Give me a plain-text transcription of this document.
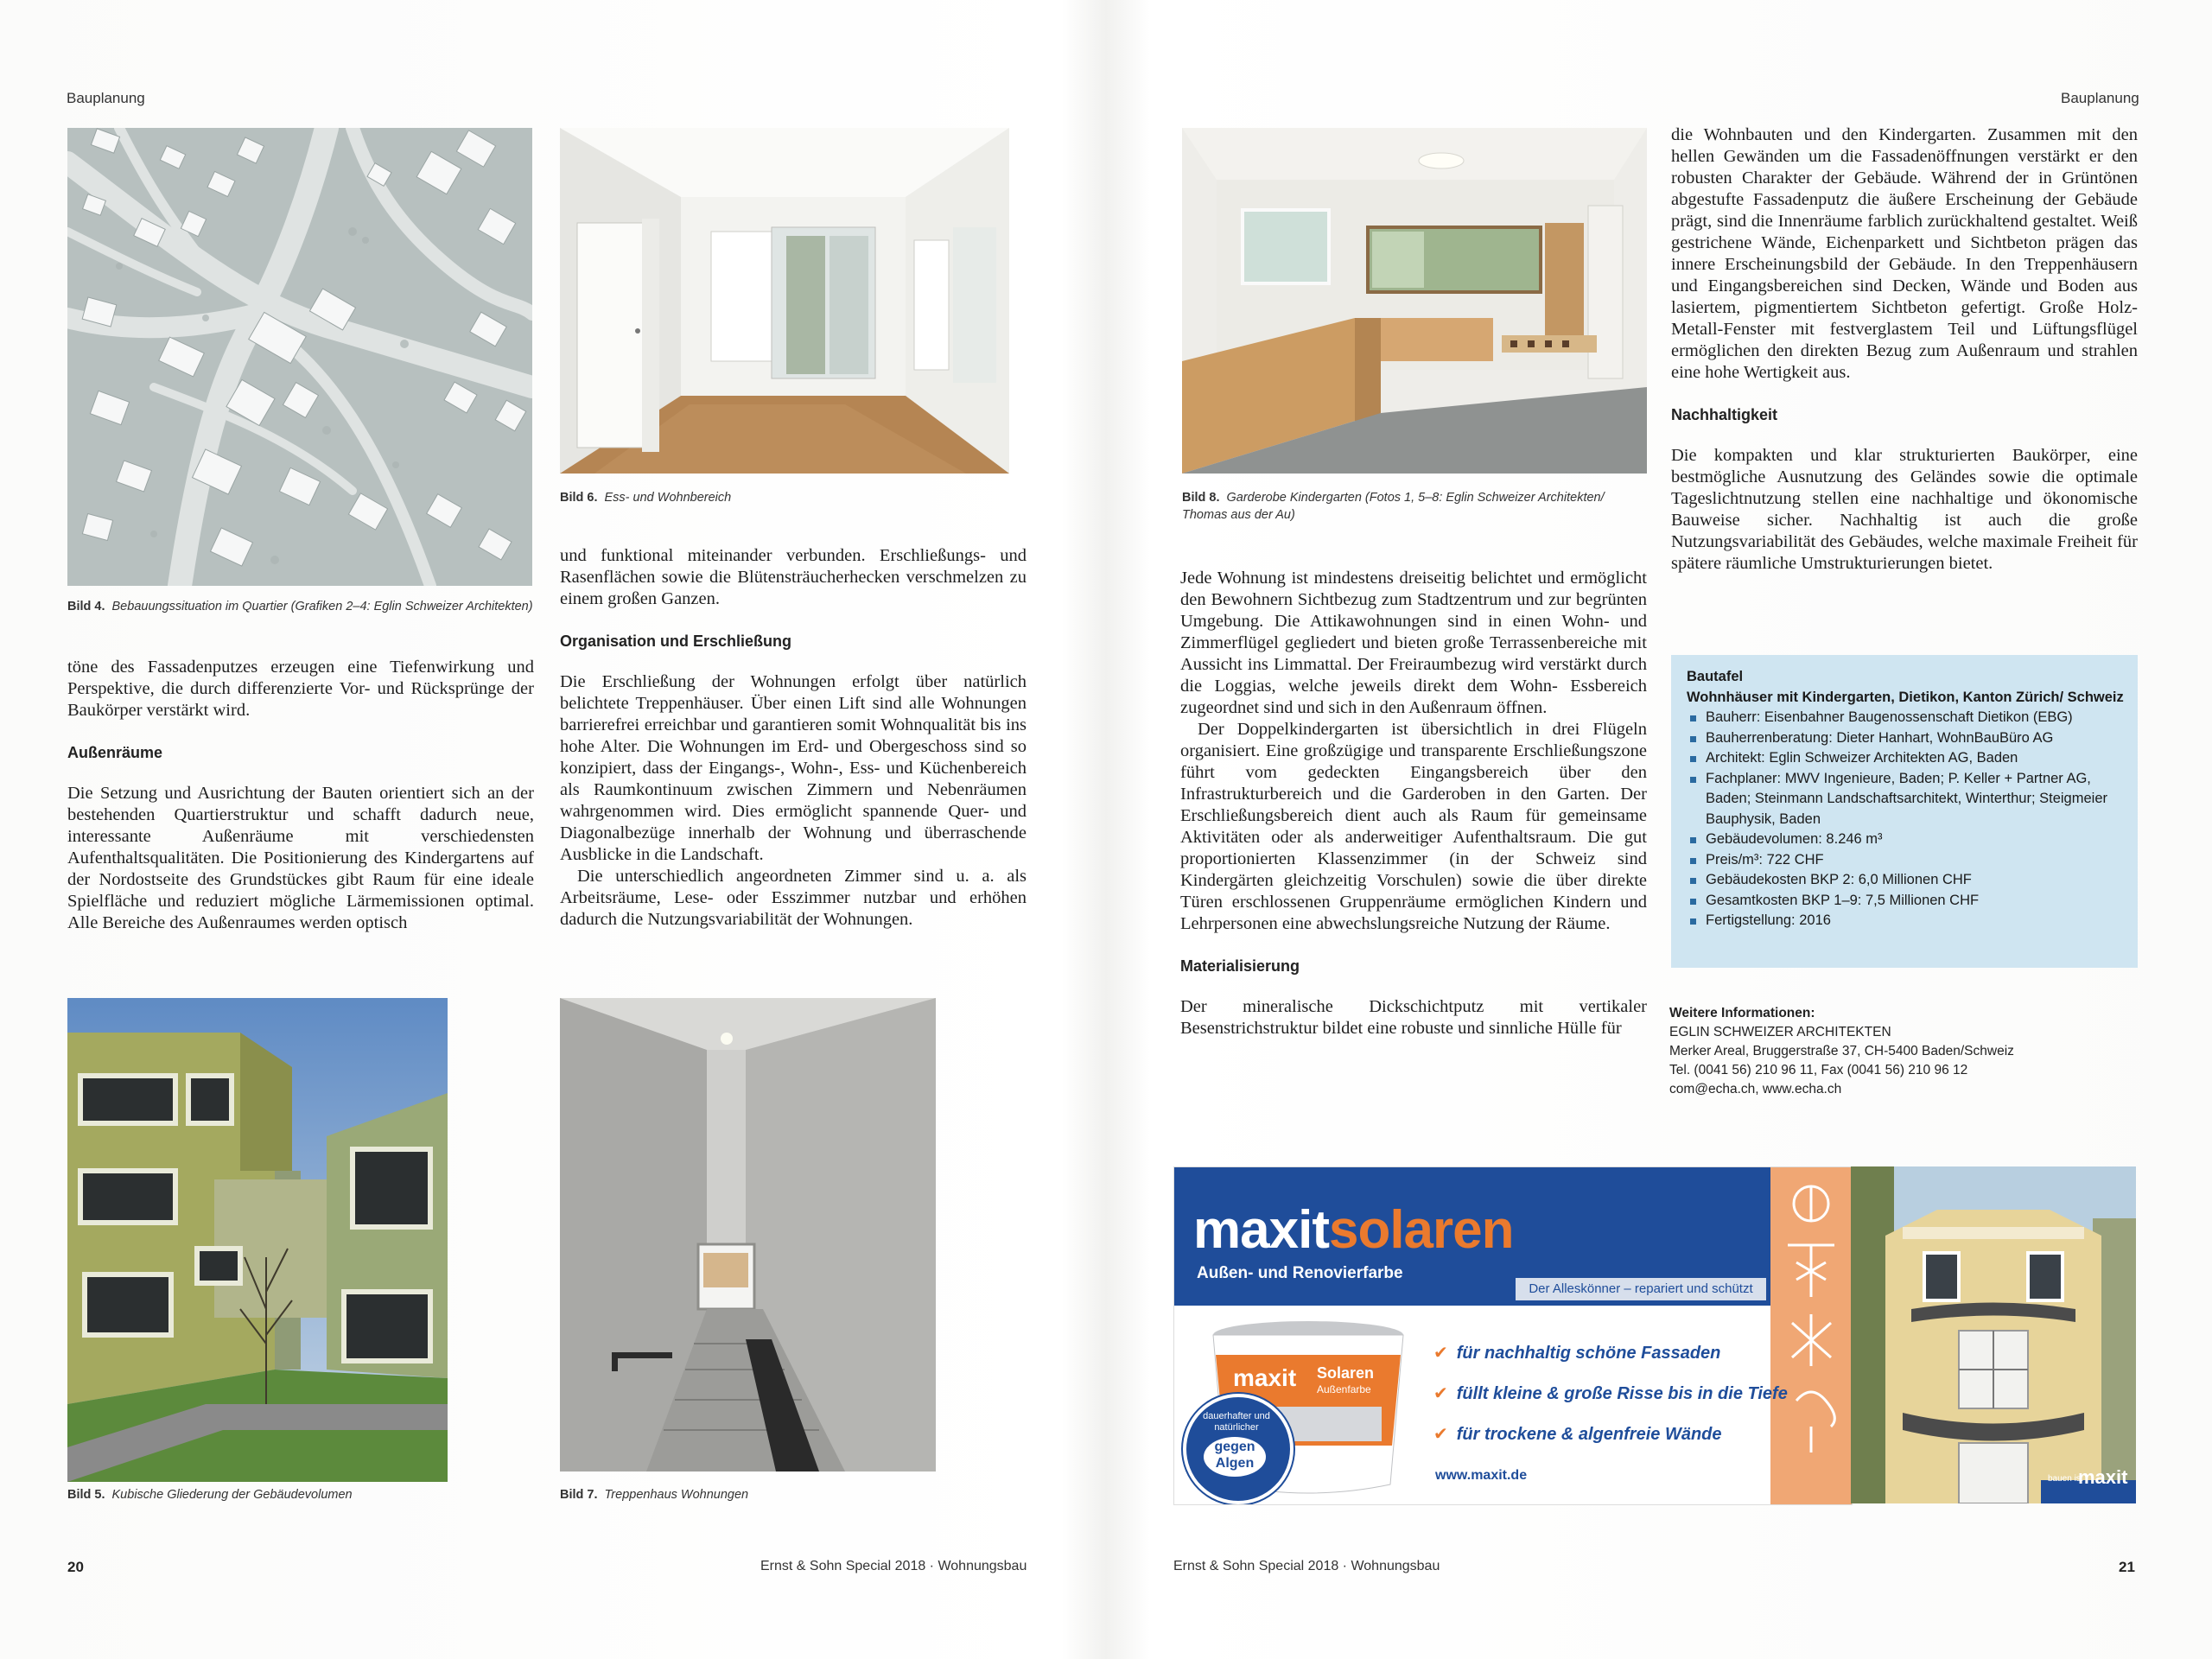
Bauplanung	Bauplanung
Bild 4. Bebauungssituation im Quartier (Grafiken 2–4: Eglin Schweizer Architekten)
Bild 6. Ess- und Wohnbereich

töne des Fassadenputzes erzeugen eine Tiefenwirkung und Perspektive, die durch differenzierte Vor- und Rücksprünge der Baukörper verstärkt wird.

Außenräume

Die Setzung und Ausrichtung der Bauten orientiert sich an der bestehenden Quartierstruktur und schafft dadurch neue, interessante Außenräume mit verschiedensten Aufenthaltsqualitäten. Die Positionierung des Kindergartens auf der Nordostseite des Grundstückes gibt Raum für eine ideale Spielfläche und reduziert mögliche Lärmemissionen optimal. Alle Bereiche des Außenraumes werden optisch

und funktional miteinander verbunden. Erschließungs- und Rasenflächen sowie die Blütensträucherhecken verschmelzen zu einem großen Ganzen.

Organisation und Erschließung

Die Erschließung der Wohnungen erfolgt über natürlich belichtete Treppenhäuser. Über einen Lift sind alle Wohnungen barrierefrei erreichbar und garantieren somit Wohnqualität bis ins hohe Alter. Die Wohnungen im Erd- und Obergeschoss sind so konzipiert, dass der Eingangs-, Wohn-, Ess- und Küchenbereich als Raumkontinuum zwischen Zimmern und Nebenräumen wahrgenommen wird. Dies ermöglicht spannende Quer- und Diagonalbezüge innerhalb der Wohnung und überraschende Ausblicke in die Landschaft.

Die unterschiedlich angeordneten Zimmer sind u. a. als Arbeitsräume, Lese- oder Esszimmer nutzbar und erhöhen dadurch die Nutzungsvariabilität der Wohnungen.

Bild 5. Kubische Gliederung der Gebäudevolumen	Bild 7. Treppenhaus Wohnungen
20	Ernst & Sohn Special 2018 · Wohnungsbau
Bild 8. Garderobe Kindergarten (Fotos 1, 5–8: Eglin Schweizer Architekten/
Thomas aus der Au)

Jede Wohnung ist mindestens dreiseitig belichtet und ermöglicht den Bewohnern Sichtbezug zum Stadtzentrum und zur begrünten Umgebung. Die Attikawohnungen sind in einen Wohn- und Zimmerflügel gegliedert und bieten große Terrassenbereiche mit Aussicht ins Limmattal. Der Freiraumbezug wird verstärkt durch die Loggias, welche jeweils direkt dem Wohn- Essbereich zugeordnet sind und sich in den Außenraum öffnen.

Der Doppelkindergarten ist übersichtlich in drei Flügeln organisiert. Eine großzügige und transparente Erschließungszone führt vom gedeckten Eingangsbereich über den Infrastrukturbereich und die Garderoben in den Garten. Der Erschließungsbereich dient auch als Raum für gemeinsame Aktivitäten oder als anderweitiger Aufenthaltsraum. Die gut proportionierten Klassenzimmer (in der Schweiz sind Kindergärten gleichzeitig Vorschulen) sowie die über direkte Türen erschlossenen Gruppenräume ermöglichen Kindern und Lehrpersonen eine abwechslungsreiche Nutzung der Räume.

Materialisierung

Der mineralische Dickschichtputz mit vertikaler Besenstrichstruktur bildet eine robuste und sinnliche Hülle für

die Wohnbauten und den Kindergarten. Zusammen mit den hellen Gewänden um die Fassadenöffnungen verstärkt er den robusten Charakter der Gebäude. Während der in Grüntönen abgestufte Fassadenputz die äußere Erscheinung der Gebäude prägt, sind die Innenräume farblich zurückhaltend gestaltet. Weiß gestrichene Wände, Eichenparkett und Sichtbeton prägen das innere Erscheinungsbild der Gebäude. In den Treppenhäusern und Eingangsbereichen sind Decken, Wände und Boden aus lasiertem, pigmentiertem Sichtbeton gefertigt. Große Holz-Metall-Fenster mit festverglastem Teil und Lüftungsflügel ermöglichen den direkten Bezug zum Außenraum und strahlen eine hohe Wertigkeit aus.

Nachhaltigkeit

Die kompakten und klar strukturierten Baukörper, eine bestmögliche Ausnutzung des Geländes sowie die optimale Tageslichtnutzung stellen eine nachhaltige und ökonomische Bauweise sicher. Nachhaltig ist auch die große Nutzungsvariabilität des Gebäudes, welche maximale Freiheit für spätere räumliche Umstrukturierungen bietet.

Bautafel
Wohnhäuser mit Kindergarten, Dietikon, Kanton Zürich/ Schweiz
Bauherr: Eisenbahner Baugenossenschaft Dietikon (EBG)
Bauherrenberatung: Dieter Hanhart, WohnBauBüro AG
Architekt: Eglin Schweizer Architekten AG, Baden
Fachplaner: MWV Ingenieure, Baden; P. Keller + Partner AG, Baden; Steinmann Landschaftsarchitekt, Winterthur; Steigmeier Bauphysik, Baden
Gebäudevolumen: 8.246 m³
Preis/m³: 722 CHF
Gebäudekosten BKP 2: 6,0 Millionen CHF
Gesamtkosten BKP 1–9: 7,5 Millionen CHF
Fertigstellung: 2016
Weitere Informationen:
EGLIN SCHWEIZER ARCHITEKTEN
Merker Areal, Bruggerstraße 37, CH-5400 Baden/Schweiz
Tel. (0041 56) 210 96 11, Fax (0041 56) 210 96 12
com@echa.ch, www.echa.ch
maxitsolaren
Außen- und Renovierfarbe
Der Alleskönner – repariert und schützt
maxit Solaren
Außenfarbe
dauerhafter und natürlicher
gegen
Algen
✔ für nachhaltig schöne Fassaden
✔ füllt kleine & große Risse bis in die Tiefe
✔ für trockene & algenfreie Wände
www.maxit.de	bauen ist
maxit
Ernst & Sohn Special 2018 · Wohnungsbau	21
